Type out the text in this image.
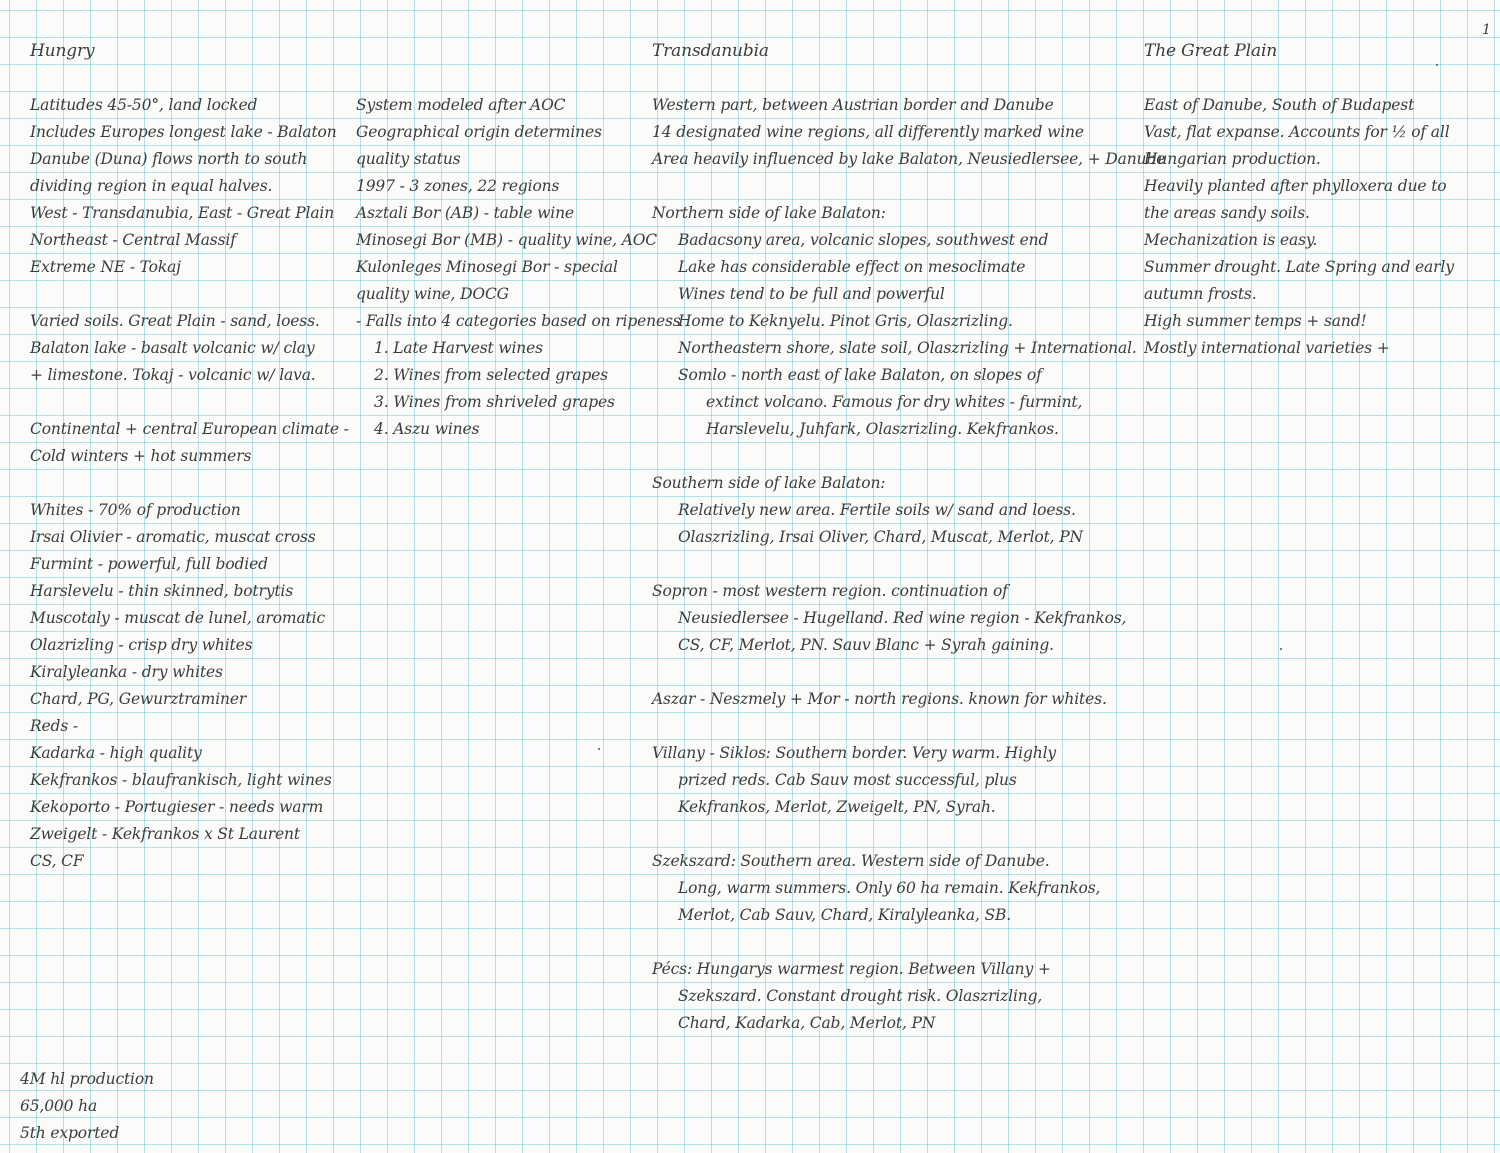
1
Hungry
Latitudes 45-50°, land locked
Includes Europes longest lake - Balaton
Danube (Duna) flows north to south
dividing region in equal halves.
West - Transdanubia, East - Great Plain
Northeast - Central Massif
Extreme NE - Tokaj
Varied soils. Great Plain - sand, loess.
Balaton lake - basalt volcanic w/ clay
+ limestone. Tokaj - volcanic w/ lava.
Continental + central European climate -
Cold winters + hot summers
Whites - 70% of production
Irsai Olivier - aromatic, muscat cross
Furmint - powerful, full bodied
Harslevelu - thin skinned, botrytis
Muscotaly - muscat de lunel, aromatic
Olazrizling - crisp dry whites
Kiralyleanka - dry whites
Chard, PG, Gewurztraminer
Reds -
Kadarka - high quality
Kekfrankos - blaufrankisch, light wines
Kekoporto - Portugieser - needs warm
Zweigelt - Kekfrankos x St Laurent
CS, CF
4M hl production
65,000 ha
5th exported
System modeled after AOC
Geographical origin determines
quality status
1997 - 3 zones, 22 regions
Asztali Bor (AB) - table wine
Minosegi Bor (MB) - quality wine, AOC
Kulonleges Minosegi Bor - special
quality wine, DOCG
- Falls into 4 categories based on ripeness
1. Late Harvest wines
2. Wines from selected grapes
3. Wines from shriveled grapes
4. Aszu wines
Transdanubia
Western part, between Austrian border and Danube
14 designated wine regions, all differently marked wine
Area heavily influenced by lake Balaton, Neusiedlersee, + Danube
Northern side of lake Balaton:
Badacsony area, volcanic slopes, southwest end
Lake has considerable effect on mesoclimate
Wines tend to be full and powerful
Home to Keknyelu. Pinot Gris, Olaszrizling.
Northeastern shore, slate soil, Olaszrizling + International.
Somlo - north east of lake Balaton, on slopes of
extinct volcano. Famous for dry whites - furmint,
Harslevelu, Juhfark, Olaszrizling. Kekfrankos.
Southern side of lake Balaton:
Relatively new area. Fertile soils w/ sand and loess.
Olaszrizling, Irsai Oliver, Chard, Muscat, Merlot, PN
Sopron - most western region. continuation of
Neusiedlersee - Hugelland. Red wine region - Kekfrankos,
CS, CF, Merlot, PN. Sauv Blanc + Syrah gaining.
Aszar - Neszmely + Mor - north regions. known for whites.
Villany - Siklos: Southern border. Very warm. Highly
prized reds. Cab Sauv most successful, plus
Kekfrankos, Merlot, Zweigelt, PN, Syrah.
Szekszard: Southern area. Western side of Danube.
Long, warm summers. Only 60 ha remain. Kekfrankos,
Merlot, Cab Sauv, Chard, Kiralyleanka, SB.
Pécs: Hungarys warmest region. Between Villany +
Szekszard. Constant drought risk. Olaszrizling,
Chard, Kadarka, Cab, Merlot, PN
The Great Plain
East of Danube, South of Budapest
Vast, flat expanse. Accounts for ½ of all
Hungarian production.
Heavily planted after phylloxera due to
the areas sandy soils.
Mechanization is easy.
Summer drought. Late Spring and early
autumn frosts.
High summer temps + sand!
Mostly international varieties +
